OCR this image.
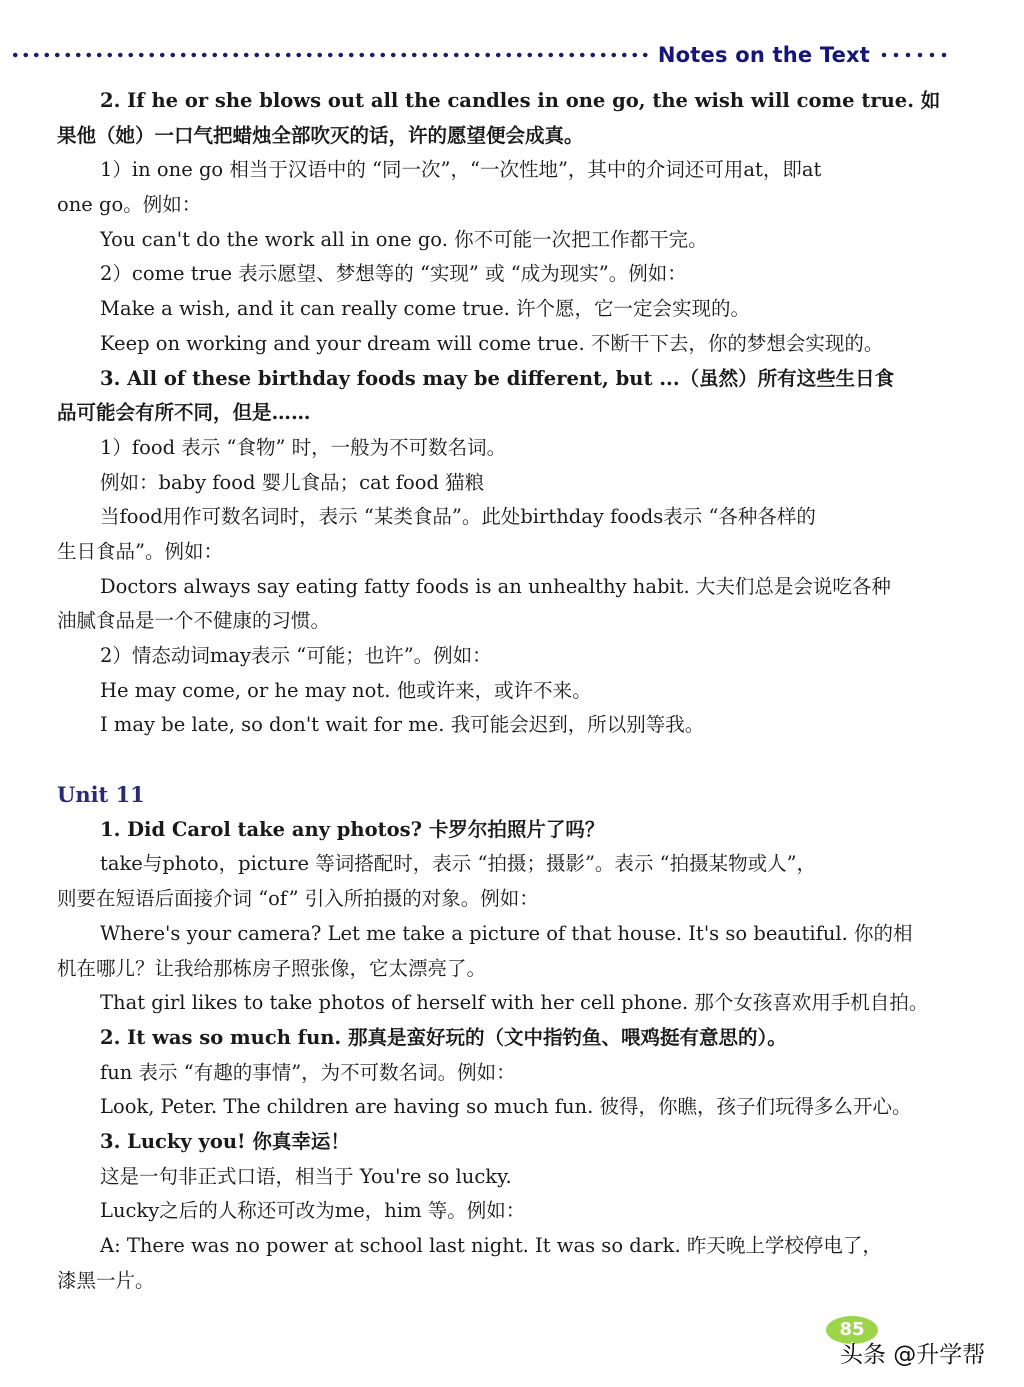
Notes on the Text
2. If he or she blows out all the candles in one go, the wish will come true. 如
果他（她）一口气把蜡烛全部吹灭的话，许的愿望便会成真。
1）in one go 相当于汉语中的 “同一次”，“一次性地”，其中的介词还可用at，即at
one go。例如：
You can't do the work all in one go. 你不可能一次把工作都干完。
2）come true 表示愿望、梦想等的 “实现” 或 “成为现实”。例如：
Make a wish, and it can really come true. 许个愿，它一定会实现的。
Keep on working and your dream will come true. 不断干下去，你的梦想会实现的。
3. All of these birthday foods may be different, but ...（虽然）所有这些生日食
品可能会有所不同，但是……
1）food 表示 “食物” 时，一般为不可数名词。
例如：baby food 婴儿食品；cat food 猫粮
当food用作可数名词时，表示 “某类食品”。此处birthday foods表示 “各种各样的
生日食品”。例如：
Doctors always say eating fatty foods is an unhealthy habit. 大夫们总是会说吃各种
油腻食品是一个不健康的习惯。
2）情态动词may表示 “可能；也许”。例如：
He may come, or he may not. 他或许来，或许不来。
I may be late, so don't wait for me. 我可能会迟到，所以别等我。
Unit 11
1. Did Carol take any photos? 卡罗尔拍照片了吗？
take与photo，picture 等词搭配时，表示 “拍摄；摄影”。表示 “拍摄某物或人”，
则要在短语后面接介词 “of” 引入所拍摄的对象。例如：
Where's your camera? Let me take a picture of that house. It's so beautiful. 你的相
机在哪儿？让我给那栋房子照张像，它太漂亮了。
That girl likes to take photos of herself with her cell phone. 那个女孩喜欢用手机自拍。
2. It was so much fun. 那真是蛮好玩的（文中指钓鱼、喂鸡挺有意思的）。
fun 表示 “有趣的事情”，为不可数名词。例如：
Look, Peter. The children are having so much fun. 彼得，你瞧，孩子们玩得多么开心。
3. Lucky you! 你真幸运！
这是一句非正式口语，相当于 You're so lucky.
Lucky之后的人称还可改为me，him 等。例如：
A: There was no power at school last night. It was so dark. 昨天晚上学校停电了，
漆黑一片。
85
头条 @升学帮
